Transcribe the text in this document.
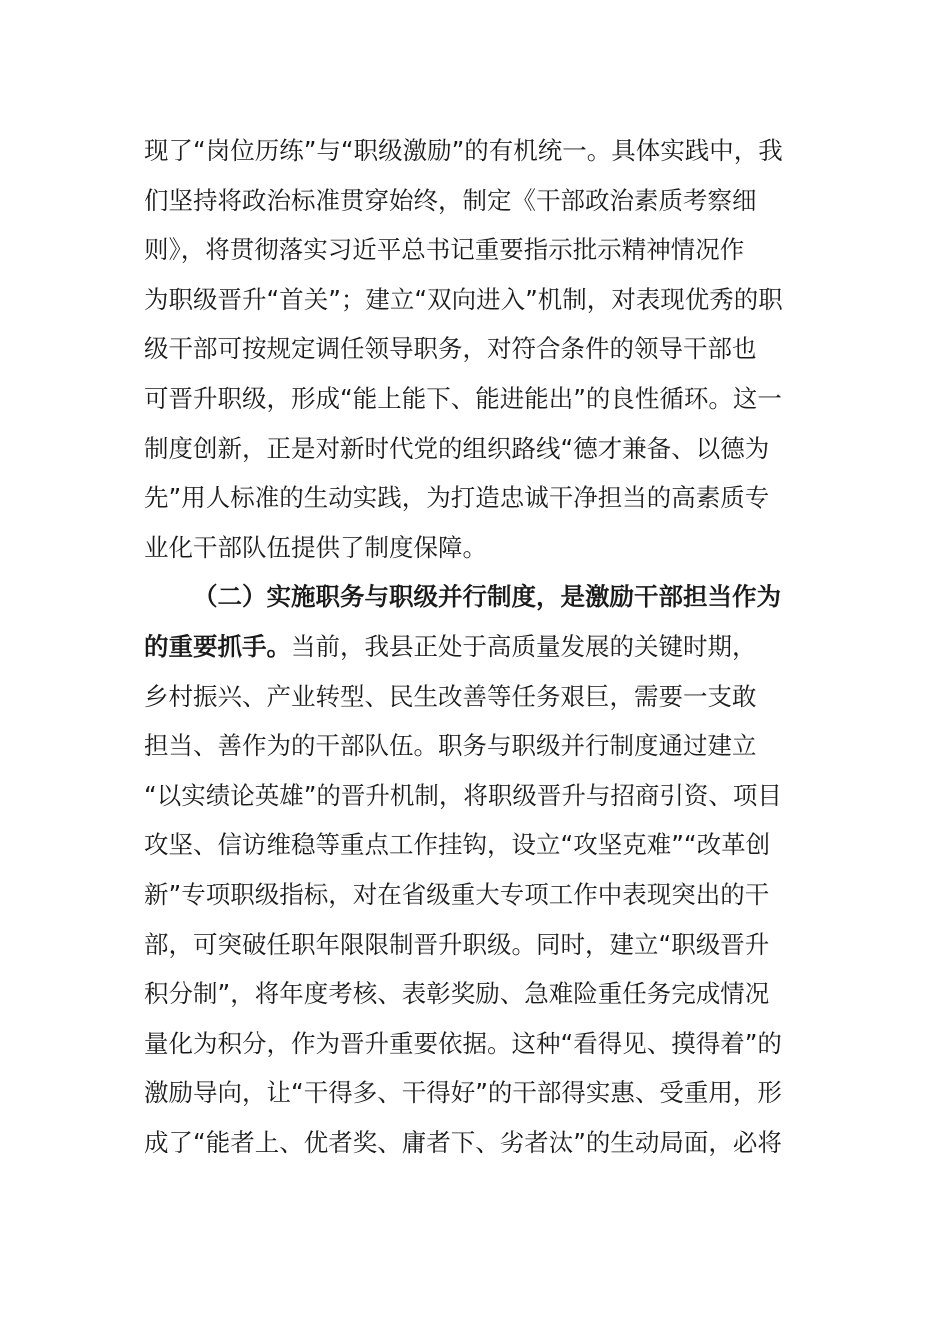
现了“岗位历练”与“职级激励”的有机统一。具体实践中，我
们坚持将政治标准贯穿始终，制定《干部政治素质考察细
则》，将贯彻落实习近平总书记重要指示批示精神情况作
为职级晋升“首关”；建立“双向进入”机制，对表现优秀的职
级干部可按规定调任领导职务，对符合条件的领导干部也
可晋升职级，形成“能上能下、能进能出”的良性循环。这一
制度创新，正是对新时代党的组织路线“德才兼备、以德为
先”用人标准的生动实践，为打造忠诚干净担当的高素质专
业化干部队伍提供了制度保障。
（二）实施职务与职级并行制度，是激励干部担当作为
的重要抓手。当前，我县正处于高质量发展的关键时期，
乡村振兴、产业转型、民生改善等任务艰巨，需要一支敢
担当、善作为的干部队伍。职务与职级并行制度通过建立
“以实绩论英雄”的晋升机制，将职级晋升与招商引资、项目
攻坚、信访维稳等重点工作挂钩，设立“攻坚克难”“改革创
新”专项职级指标，对在省级重大专项工作中表现突出的干
部，可突破任职年限限制晋升职级。同时，建立“职级晋升
积分制”，将年度考核、表彰奖励、急难险重任务完成情况
量化为积分，作为晋升重要依据。这种“看得见、摸得着”的
激励导向，让“干得多、干得好”的干部得实惠、受重用，形
成了“能者上、优者奖、庸者下、劣者汰”的生动局面，必将
